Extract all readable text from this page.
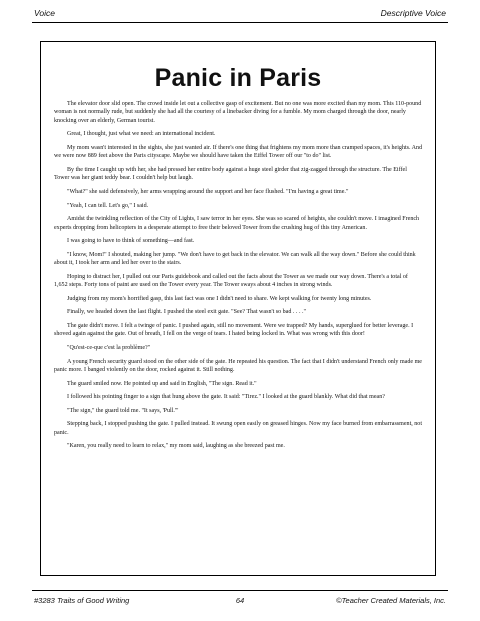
Voice	Descriptive Voice
Panic in Paris

The elevator door slid open. The crowd inside let out a collective gasp of excitement. But no one was more excited than my mom. This 110-pound woman is not normally rude, but suddenly she had all the courtesy of a linebacker diving for a fumble. My mom charged through the door, nearly knocking over an elderly, German tourist.

Great, I thought, just what we need: an international incident.

My mom wasn't interested in the sights, she just wanted air. If there's one thing that frightens my mom more than cramped spaces, it's heights. And we were now 889 feet above the Paris cityscape. Maybe we should have taken the Eiffel Tower off our "to do" list.

By the time I caught up with her, she had pressed her entire body against a huge steel girder that zig-zagged through the structure. The Eiffel Tower was her giant teddy bear. I couldn't help but laugh.

"What?" she said defensively, her arms wrapping around the support and her face flushed. "I'm having a great time."

"Yeah, I can tell. Let's go," I said.

Amidst the twinkling reflection of the City of Lights, I saw terror in her eyes. She was so scared of heights, she couldn't move. I imagined French experts dropping from helicopters in a desperate attempt to free their beloved Tower from the crushing hug of this tiny American.

I was going to have to think of something—and fast.

"I know, Mom!" I shouted, making her jump. "We don't have to get back in the elevator. We can walk all the way down." Before she could think about it, I took her arm and led her over to the stairs.

Hoping to distract her, I pulled out our Paris guidebook and called out the facts about the Tower as we made our way down. There's a total of 1,652 steps. Forty tons of paint are used on the Tower every year. The Tower sways about 4 inches in strong winds.

Judging from my mom's horrified gasp, this last fact was one I didn't need to share. We kept walking for twenty long minutes.

Finally, we headed down the last flight. I pushed the steel exit gate. "See? That wasn't so bad . . . ."

The gate didn't move. I felt a twinge of panic. I pushed again, still no movement. Were we trapped? My hands, superglued for better leverage. I shoved again against the gate. Out of breath, I fell on the verge of tears. I hated being locked in. What was wrong with this door!

"Qu'est-ce-que c'est la problème?"

A young French security guard stood on the other side of the gate. He repeated his question. The fact that I didn't understand French only made me panic more. I banged violently on the door, rocked against it. Still nothing.

The guard smiled now. He pointed up and said in English, "The sign. Read it."

I followed his pointing finger to a sign that hung above the gate. It said: "Tirez." I looked at the guard blankly. What did that mean?

"The sign," the guard told me. "It says, 'Pull.'"

Stepping back, I stopped pushing the gate. I pulled instead. It swung open easily on greased hinges. Now my face burned from embarrassment, not panic.

"Karen, you really need to learn to relax," my mom said, laughing as she breezed past me.

#3283 Traits of Good Writing	64	©Teacher Created Materials, Inc.
